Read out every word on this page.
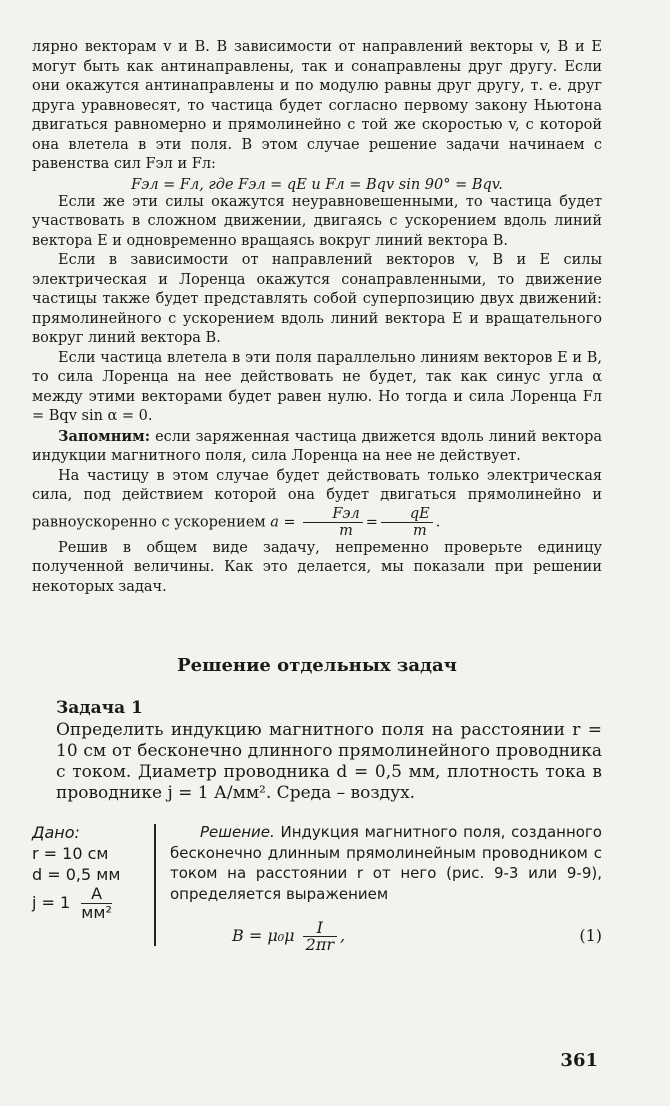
лярно векторам v и B. В зависимости от направлений векторы v, B и E могут быть как антинаправлены, так и сонаправлены друг другу. Если они окажутся антинаправлены и по модулю равны друг другу, т. е. друг друга уравновесят, то частица будет согласно первому закону Ньютона двигаться равномерно и прямолинейно с той же скоростью v, с которой она влетела в эти поля. В этом случае решение задачи начинаем с равенства сил Fэл и Fл:

Fэл = Fл, где Fэл = qE и Fл = Bqv sin 90° = Bqv.

Если же эти силы окажутся неуравновешенными, то частица будет участвовать в сложном движении, двигаясь с ускорением вдоль линий вектора E и одновременно вращаясь вокруг линий вектора B.

Если в зависимости от направлений векторов v, B и E силы электрическая и Лоренца окажутся сонаправленными, то движение частицы также будет представлять собой суперпозицию двух движений: прямолинейного с ускорением вдоль линий вектора E и вращательного вокруг линий вектора B.

Если частица влетела в эти поля параллельно линиям векторов E и B, то сила Лоренца на нее действовать не будет, так как синус угла α между этими векторами будет равен нулю. Но тогда и сила Лоренца Fл = Bqv sin α = 0.

Запомним: если заряженная частица движется вдоль линий вектора индукции магнитного поля, сила Лоренца на нее не действует.

На частицу в этом случае будет действовать только электрическая сила, под действием которой она будет двигаться прямолинейно и равноускоренно с ускорением $a = \frac{\text{Fэл}}{m} = \frac{qE}{m}$ .

Решив в общем виде задачу, непременно проверьте единицу полученной величины. Как это делается, мы показали при решении некоторых задач.

Решение отдельных задач
Задача 1

Определить индукцию магнитного поля на расстоянии r = 10 см от бесконечно длинного прямолинейного проводника с током. Диаметр проводника d = 0,5 мм, плотность тока в проводнике j = 1 А/мм². Среда – воздух.

Дано:
r = 10 см
d = 0,5 мм
j = 1	А
мм²
Решение. Индукция магнитного поля, созданного бесконечно длинным прямолинейным проводником с током на расстоянии r от него (рис. 9-3 или 9-9), определяется выражением
$B = \mu_0\mu \frac{I}{2\pi r}$ ,	(1)
361
